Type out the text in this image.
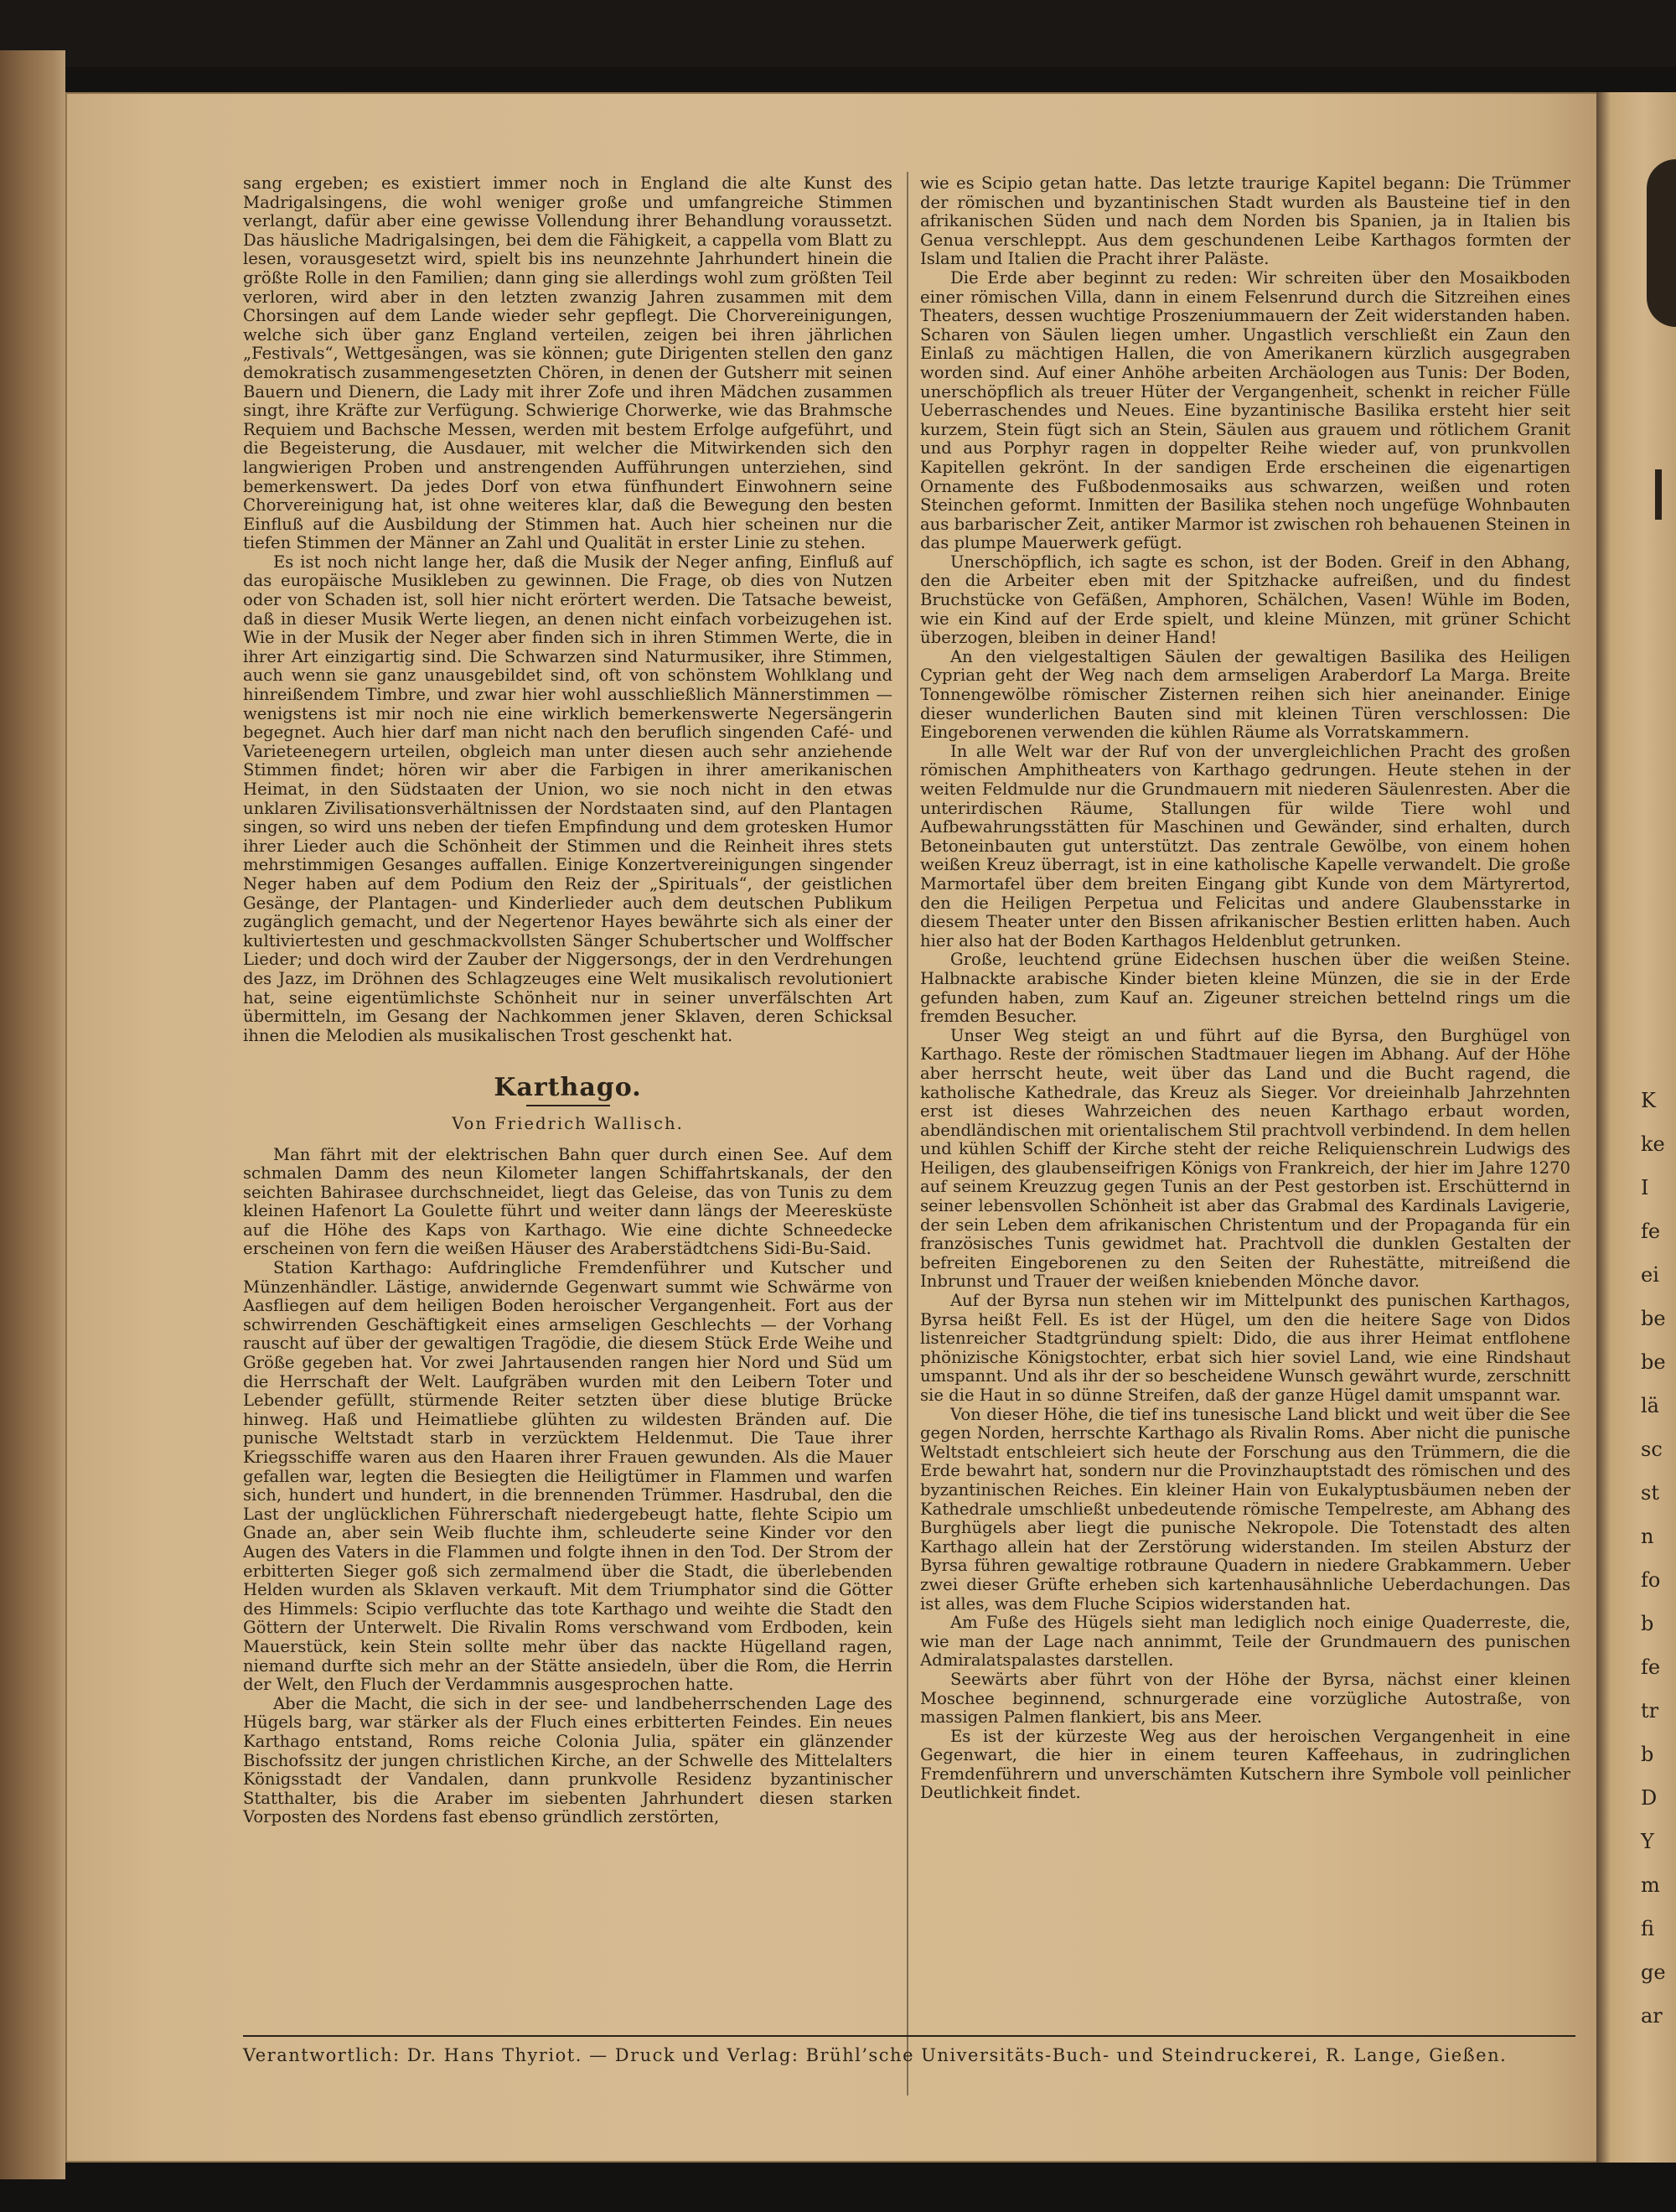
K
ke
I
fe
ei
be
be
lä
sc
st
n
fo
b
fe
tr
b
D
Y
m
fi
ge
ar

sang ergeben; es existiert immer noch in England die alte Kunst des Madrigalsingens, die wohl weniger große und umfangreiche Stimmen verlangt, dafür aber eine gewisse Vollendung ihrer Behandlung voraussetzt. Das häusliche Madrigalsingen, bei dem die Fähigkeit, a cappella vom Blatt zu lesen, vorausgesetzt wird, spielt bis ins neunzehnte Jahrhundert hinein die größte Rolle in den Familien; dann ging sie allerdings wohl zum größten Teil verloren, wird aber in den letzten zwanzig Jahren zusammen mit dem Chorsingen auf dem Lande wieder sehr gepflegt. Die Chorvereinigungen, welche sich über ganz England verteilen, zeigen bei ihren jährlichen „Festivals“, Wettgesängen, was sie können; gute Dirigenten stellen den ganz demokratisch zusammengesetzten Chören, in denen der Gutsherr mit seinen Bauern und Dienern, die Lady mit ihrer Zofe und ihren Mädchen zusammen singt, ihre Kräfte zur Verfügung. Schwierige Chorwerke, wie das Brahmsche Requiem und Bachsche Messen, werden mit bestem Erfolge aufgeführt, und die Begeisterung, die Ausdauer, mit welcher die Mitwirkenden sich den langwierigen Proben und anstrengenden Aufführungen unterziehen, sind bemerkenswert. Da jedes Dorf von etwa fünfhundert Einwohnern seine Chorvereinigung hat, ist ohne weiteres klar, daß die Bewegung den besten Einfluß auf die Ausbildung der Stimmen hat. Auch hier scheinen nur die tiefen Stimmen der Männer an Zahl und Qualität in erster Linie zu stehen.

Es ist noch nicht lange her, daß die Musik der Neger anfing, Einfluß auf das europäische Musikleben zu gewinnen. Die Frage, ob dies von Nutzen oder von Schaden ist, soll hier nicht erörtert werden. Die Tatsache beweist, daß in dieser Musik Werte liegen, an denen nicht einfach vorbeizugehen ist. Wie in der Musik der Neger aber finden sich in ihren Stimmen Werte, die in ihrer Art einzigartig sind. Die Schwarzen sind Naturmusiker, ihre Stimmen, auch wenn sie ganz unausgebildet sind, oft von schönstem Wohlklang und hinreißendem Timbre, und zwar hier wohl ausschließlich Männerstimmen — wenigstens ist mir noch nie eine wirklich bemerkenswerte Negersängerin begegnet. Auch hier darf man nicht nach den beruflich singenden Café- und Varieteenegern urteilen, obgleich man unter diesen auch sehr anziehende Stimmen findet; hören wir aber die Farbigen in ihrer amerikanischen Heimat, in den Südstaaten der Union, wo sie noch nicht in den etwas unklaren Zivilisationsverhältnissen der Nordstaaten sind, auf den Plantagen singen, so wird uns neben der tiefen Empfindung und dem grotesken Humor ihrer Lieder auch die Schönheit der Stimmen und die Reinheit ihres stets mehrstimmigen Gesanges auffallen. Einige Konzertvereinigungen singender Neger haben auf dem Podium den Reiz der „Spirituals“, der geistlichen Gesänge, der Plantagen- und Kinderlieder auch dem deutschen Publikum zugänglich gemacht, und der Negertenor Hayes bewährte sich als einer der kultiviertesten und geschmackvollsten Sänger Schubertscher und Wolffscher Lieder; und doch wird der Zauber der Niggersongs, der in den Verdrehungen des Jazz, im Dröhnen des Schlagzeuges eine Welt musikalisch revolutioniert hat, seine eigentümlichste Schönheit nur in seiner unverfälschten Art übermitteln, im Gesang der Nachkommen jener Sklaven, deren Schicksal ihnen die Melodien als musikalischen Trost geschenkt hat.

Karthago.
Von Friedrich Wallisch.

Man fährt mit der elektrischen Bahn quer durch einen See. Auf dem schmalen Damm des neun Kilometer langen Schiffahrtskanals, der den seichten Bahirasee durchschneidet, liegt das Geleise, das von Tunis zu dem kleinen Hafenort La Goulette führt und weiter dann längs der Meeresküste auf die Höhe des Kaps von Karthago. Wie eine dichte Schneedecke erscheinen von fern die weißen Häuser des Araberstädtchens Sidi-Bu-Said.

Station Karthago: Aufdringliche Fremdenführer und Kutscher und Münzenhändler. Lästige, anwidernde Gegenwart summt wie Schwärme von Aasfliegen auf dem heiligen Boden heroischer Vergangenheit. Fort aus der schwirrenden Geschäftigkeit eines armseligen Geschlechts — der Vorhang rauscht auf über der gewaltigen Tragödie, die diesem Stück Erde Weihe und Größe gegeben hat. Vor zwei Jahrtausenden rangen hier Nord und Süd um die Herrschaft der Welt. Laufgräben wurden mit den Leibern Toter und Lebender gefüllt, stürmende Reiter setzten über diese blutige Brücke hinweg. Haß und Heimatliebe glühten zu wildesten Bränden auf. Die punische Weltstadt starb in verzücktem Heldenmut. Die Taue ihrer Kriegsschiffe waren aus den Haaren ihrer Frauen gewunden. Als die Mauer gefallen war, legten die Besiegten die Heiligtümer in Flammen und warfen sich, hundert und hundert, in die brennenden Trümmer. Hasdrubal, den die Last der unglücklichen Führerschaft niedergebeugt hatte, flehte Scipio um Gnade an, aber sein Weib fluchte ihm, schleuderte seine Kinder vor den Augen des Vaters in die Flammen und folgte ihnen in den Tod. Der Strom der erbitterten Sieger goß sich zermalmend über die Stadt, die überlebenden Helden wurden als Sklaven verkauft. Mit dem Triumphator sind die Götter des Himmels: Scipio verfluchte das tote Karthago und weihte die Stadt den Göttern der Unterwelt. Die Rivalin Roms verschwand vom Erdboden, kein Mauerstück, kein Stein sollte mehr über das nackte Hügelland ragen, niemand durfte sich mehr an der Stätte ansiedeln, über die Rom, die Herrin der Welt, den Fluch der Verdammnis ausgesprochen hatte.

Aber die Macht, die sich in der see- und landbeherrschenden Lage des Hügels barg, war stärker als der Fluch eines erbitterten Feindes. Ein neues Karthago entstand, Roms reiche Colonia Julia, später ein glänzender Bischofssitz der jungen christlichen Kirche, an der Schwelle des Mittelalters Königsstadt der Vandalen, dann prunkvolle Residenz byzantinischer Statthalter, bis die Araber im siebenten Jahrhundert diesen starken Vorposten des Nordens fast ebenso gründlich zerstörten,

wie es Scipio getan hatte. Das letzte traurige Kapitel begann: Die Trümmer der römischen und byzantinischen Stadt wurden als Bausteine tief in den afrikanischen Süden und nach dem Norden bis Spanien, ja in Italien bis Genua verschleppt. Aus dem geschundenen Leibe Karthagos formten der Islam und Italien die Pracht ihrer Paläste.

Die Erde aber beginnt zu reden: Wir schreiten über den Mosaikboden einer römischen Villa, dann in einem Felsenrund durch die Sitzreihen eines Theaters, dessen wuchtige Proszeniummauern der Zeit widerstanden haben. Scharen von Säulen liegen umher. Ungastlich verschließt ein Zaun den Einlaß zu mächtigen Hallen, die von Amerikanern kürzlich ausgegraben worden sind. Auf einer Anhöhe arbeiten Archäologen aus Tunis: Der Boden, unerschöpflich als treuer Hüter der Vergangenheit, schenkt in reicher Fülle Ueberraschendes und Neues. Eine byzantinische Basilika ersteht hier seit kurzem, Stein fügt sich an Stein, Säulen aus grauem und rötlichem Granit und aus Porphyr ragen in doppelter Reihe wieder auf, von prunkvollen Kapitellen gekrönt. In der sandigen Erde erscheinen die eigenartigen Ornamente des Fußbodenmosaiks aus schwarzen, weißen und roten Steinchen geformt. Inmitten der Basilika stehen noch ungefüge Wohnbauten aus barbarischer Zeit, antiker Marmor ist zwischen roh behauenen Steinen in das plumpe Mauerwerk gefügt.

Unerschöpflich, ich sagte es schon, ist der Boden. Greif in den Abhang, den die Arbeiter eben mit der Spitzhacke aufreißen, und du findest Bruchstücke von Gefäßen, Amphoren, Schälchen, Vasen! Wühle im Boden, wie ein Kind auf der Erde spielt, und kleine Münzen, mit grüner Schicht überzogen, bleiben in deiner Hand!

An den vielgestaltigen Säulen der gewaltigen Basilika des Heiligen Cyprian geht der Weg nach dem armseligen Araberdorf La Marga. Breite Tonnengewölbe römischer Zisternen reihen sich hier aneinander. Einige dieser wunderlichen Bauten sind mit kleinen Türen verschlossen: Die Eingeborenen verwenden die kühlen Räume als Vorratskammern.

In alle Welt war der Ruf von der unvergleichlichen Pracht des großen römischen Amphitheaters von Karthago gedrungen. Heute stehen in der weiten Feldmulde nur die Grundmauern mit niederen Säulenresten. Aber die unterirdischen Räume, Stallungen für wilde Tiere wohl und Aufbewahrungsstätten für Maschinen und Gewänder, sind erhalten, durch Betoneinbauten gut unterstützt. Das zentrale Gewölbe, von einem hohen weißen Kreuz überragt, ist in eine katholische Kapelle verwandelt. Die große Marmortafel über dem breiten Eingang gibt Kunde von dem Märtyrertod, den die Heiligen Perpetua und Felicitas und andere Glaubensstarke in diesem Theater unter den Bissen afrikanischer Bestien erlitten haben. Auch hier also hat der Boden Karthagos Heldenblut getrunken.

Große, leuchtend grüne Eidechsen huschen über die weißen Steine. Halbnackte arabische Kinder bieten kleine Münzen, die sie in der Erde gefunden haben, zum Kauf an. Zigeuner streichen bettelnd rings um die fremden Besucher.

Unser Weg steigt an und führt auf die Byrsa, den Burghügel von Karthago. Reste der römischen Stadtmauer liegen im Abhang. Auf der Höhe aber herrscht heute, weit über das Land und die Bucht ragend, die katholische Kathedrale, das Kreuz als Sieger. Vor dreieinhalb Jahrzehnten erst ist dieses Wahrzeichen des neuen Karthago erbaut worden, abendländischen mit orientalischem Stil prachtvoll verbindend. In dem hellen und kühlen Schiff der Kirche steht der reiche Reliquienschrein Ludwigs des Heiligen, des glaubenseifrigen Königs von Frankreich, der hier im Jahre 1270 auf seinem Kreuzzug gegen Tunis an der Pest gestorben ist. Erschütternd in seiner lebensvollen Schönheit ist aber das Grabmal des Kardinals Lavigerie, der sein Leben dem afrikanischen Christentum und der Propaganda für ein französisches Tunis gewidmet hat. Prachtvoll die dunklen Gestalten der befreiten Eingeborenen zu den Seiten der Ruhestätte, mitreißend die Inbrunst und Trauer der weißen kniebenden Mönche davor.

Auf der Byrsa nun stehen wir im Mittelpunkt des punischen Karthagos, Byrsa heißt Fell. Es ist der Hügel, um den die heitere Sage von Didos listenreicher Stadtgründung spielt: Dido, die aus ihrer Heimat entflohene phönizische Königstochter, erbat sich hier soviel Land, wie eine Rindshaut umspannt. Und als ihr der so bescheidene Wunsch gewährt wurde, zerschnitt sie die Haut in so dünne Streifen, daß der ganze Hügel damit umspannt war.

Von dieser Höhe, die tief ins tunesische Land blickt und weit über die See gegen Norden, herrschte Karthago als Rivalin Roms. Aber nicht die punische Weltstadt entschleiert sich heute der Forschung aus den Trümmern, die die Erde bewahrt hat, sondern nur die Provinzhauptstadt des römischen und des byzantinischen Reiches. Ein kleiner Hain von Eukalyptusbäumen neben der Kathedrale umschließt unbedeutende römische Tempelreste, am Abhang des Burghügels aber liegt die punische Nekropole. Die Totenstadt des alten Karthago allein hat der Zerstörung widerstanden. Im steilen Absturz der Byrsa führen gewaltige rotbraune Quadern in niedere Grabkammern. Ueber zwei dieser Grüfte erheben sich kartenhausähnliche Ueberdachungen. Das ist alles, was dem Fluche Scipios widerstanden hat.

Am Fuße des Hügels sieht man lediglich noch einige Quaderreste, die, wie man der Lage nach annimmt, Teile der Grundmauern des punischen Admiralatspalastes darstellen.

Seewärts aber führt von der Höhe der Byrsa, nächst einer kleinen Moschee beginnend, schnurgerade eine vorzügliche Autostraße, von massigen Palmen flankiert, bis ans Meer.

Es ist der kürzeste Weg aus der heroischen Vergangenheit in eine Gegenwart, die hier in einem teuren Kaffeehaus, in zudringlichen Fremdenführern und unverschämten Kutschern ihre Symbole voll peinlicher Deutlichkeit findet.

Verantwortlich: Dr. Hans Thyriot. — Druck und Verlag: Brühl’sche Universitäts-Buch- und Steindruckerei, R. Lange, Gießen.
